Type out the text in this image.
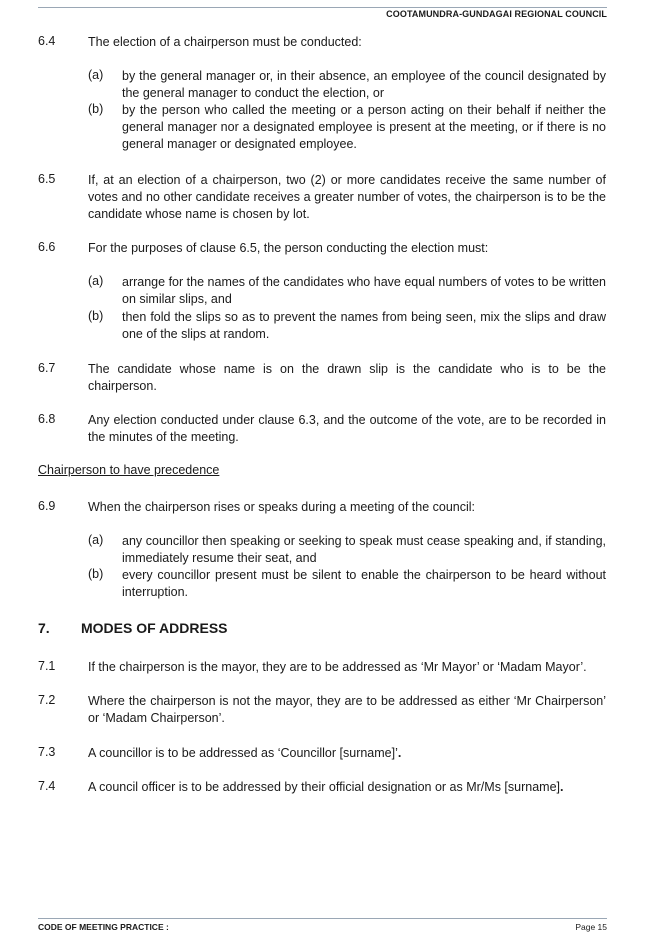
COOTAMUNDRA-GUNDAGAI REGIONAL COUNCIL
6.4	The election of a chairperson must be conducted:
(a) by the general manager or, in their absence, an employee of the council designated by the general manager to conduct the election, or
(b) by the person who called the meeting or a person acting on their behalf if neither the general manager nor a designated employee is present at the meeting, or if there is no general manager or designated employee.
6.5	If, at an election of a chairperson, two (2) or more candidates receive the same number of votes and no other candidate receives a greater number of votes, the chairperson is to be the candidate whose name is chosen by lot.
6.6	For the purposes of clause 6.5, the person conducting the election must:
(a) arrange for the names of the candidates who have equal numbers of votes to be written on similar slips, and
(b) then fold the slips so as to prevent the names from being seen, mix the slips and draw one of the slips at random.
6.7	The candidate whose name is on the drawn slip is the candidate who is to be the chairperson.
6.8	Any election conducted under clause 6.3, and the outcome of the vote, are to be recorded in the minutes of the meeting.
Chairperson to have precedence
6.9	When the chairperson rises or speaks during a meeting of the council:
(a) any councillor then speaking or seeking to speak must cease speaking and, if standing, immediately resume their seat, and
(b) every councillor present must be silent to enable the chairperson to be heard without interruption.
7. MODES OF ADDRESS
7.1	If the chairperson is the mayor, they are to be addressed as ‘Mr Mayor’ or ‘Madam Mayor’.
7.2	Where the chairperson is not the mayor, they are to be addressed as either ‘Mr Chairperson’ or ‘Madam Chairperson’.
7.3	A councillor is to be addressed as ‘Councillor [surname]’.
7.4	A council officer is to be addressed by their official designation or as Mr/Ms [surname].
CODE OF MEETING PRACTICE :	Page 15
